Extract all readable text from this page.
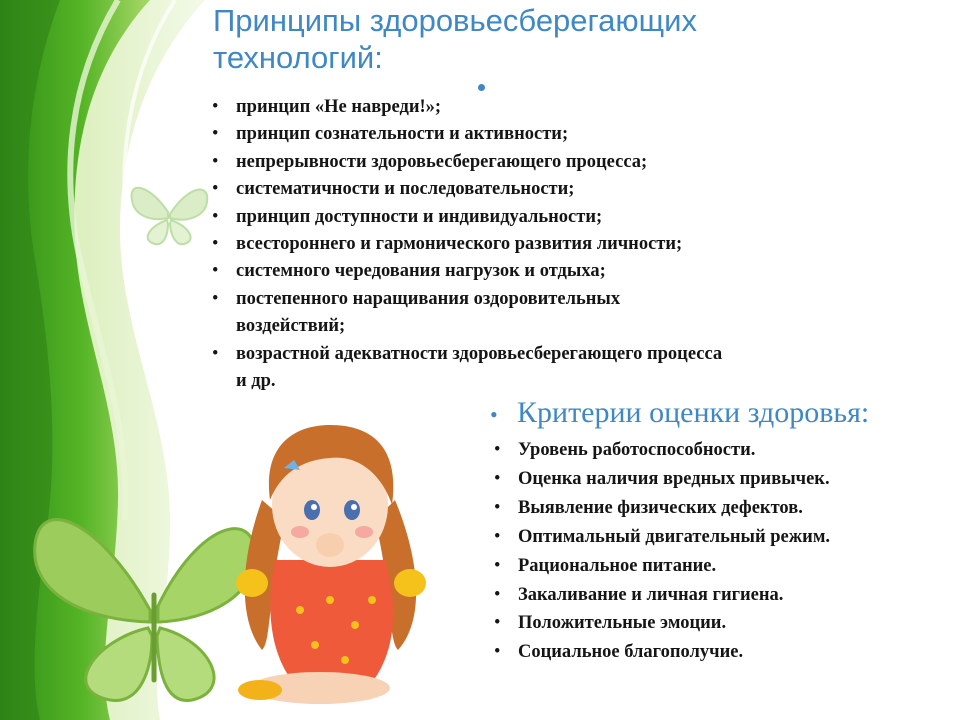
Принципы здоровьесберегающих технологий:
• принцип «Не навреди!»;
• принцип сознательности и активности;
• непрерывности здоровьесберегающего процесса;
• систематичности и последовательности;
• принцип доступности и индивидуальности;
• всестороннего и гармонического развития личности;
• системного чередования нагрузок и отдыха;
• постепенного наращивания оздоровительных воздействий;
• возрастной адекватности здоровьесберегающего процесса и др.
• Критерии оценки здоровья:
• Уровень работоспособности.
• Оценка наличия вредных привычек.
• Выявление физических дефектов.
• Оптимальный двигательный режим.
• Рациональное питание.
• Закаливание и личная гигиена.
• Положительные эмоции.
• Социальное благополучие.
